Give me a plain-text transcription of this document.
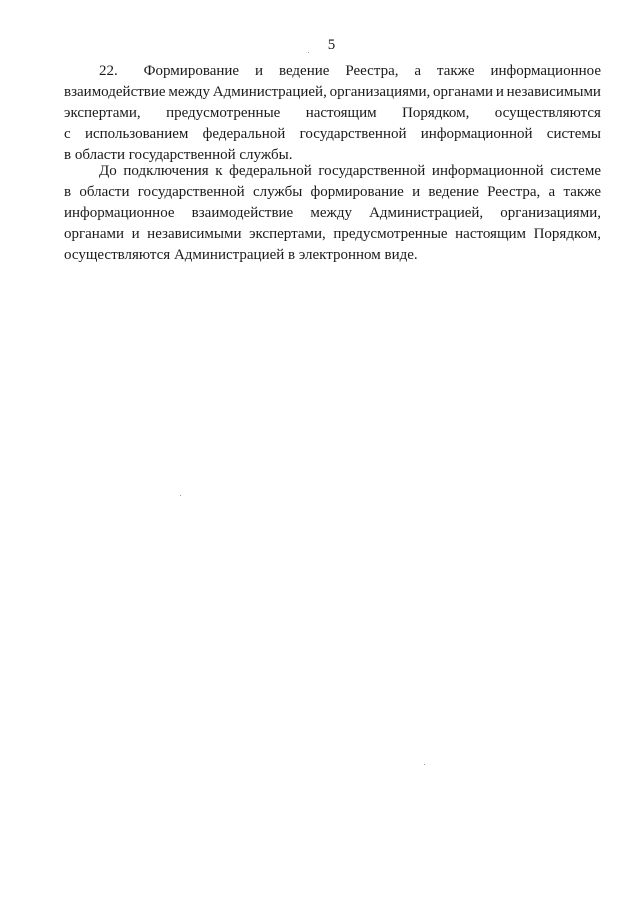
5
22. Формирование и ведение Реестра, а также информационное
взаимодействие между Администрацией, организациями, органами и независимыми
экспертами, предусмотренные настоящим Порядком, осуществляются
с использованием федеральной государственной информационной системы
в области государственной службы.
До подключения к федеральной государственной информационной системе
в области государственной службы формирование и ведение Реестра, а также
информационное взаимодействие между Администрацией, организациями,
органами и независимыми экспертами, предусмотренные настоящим Порядком,
осуществляются Администрацией в электронном виде.
